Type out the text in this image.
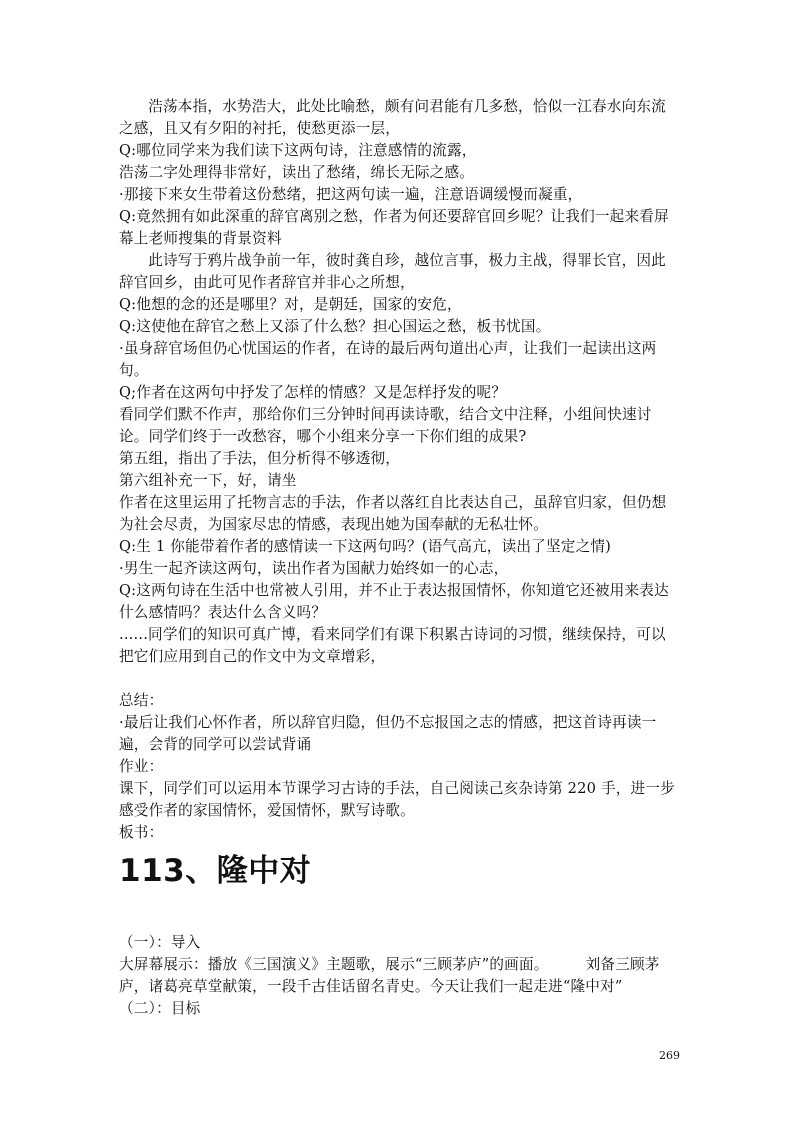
浩荡本指，水势浩大，此处比喻愁，颇有问君能有几多愁，恰似一江春水向东流之感，且又有夕阳的衬托，使愁更添一层，

Q:哪位同学来为我们读下这两句诗，注意感情的流露，

浩荡二字处理得非常好，读出了愁绪，绵长无际之感。

·那接下来女生带着这份愁绪，把这两句读一遍，注意语调缓慢而凝重，

Q:竟然拥有如此深重的辞官离别之愁，作者为何还要辞官回乡呢？让我们一起来看屏幕上老师搜集的背景资料

此诗写于鸦片战争前一年，彼时龚自珍，越位言事，极力主战，得罪长官，因此辞官回乡，由此可见作者辞官并非心之所想，

Q:他想的念的还是哪里？对，是朝廷，国家的安危，

Q:这使他在辞官之愁上又添了什么愁？担心国运之愁，板书忧国。

·虽身辞官场但仍心忧国运的作者，在诗的最后两句道出心声，让我们一起读出这两句。

Q;作者在这两句中抒发了怎样的情感？又是怎样抒发的呢？

看同学们默不作声，那给你们三分钟时间再读诗歌，结合文中注释，小组间快速讨论。同学们终于一改愁容，哪个小组来分享一下你们组的成果?

第五组，指出了手法，但分析得不够透彻，

第六组补充一下，好，请坐

作者在这里运用了托物言志的手法，作者以落红自比表达自己，虽辞官归家，但仍想为社会尽责，为国家尽忠的情感，表现出她为国奉献的无私壮怀。

Q:生 1 你能带着作者的感情读一下这两句吗？(语气高亢，读出了坚定之情)

·男生一起齐读这两句，读出作者为国献力始终如一的心志，

Q:这两句诗在生活中也常被人引用，并不止于表达报国情怀，你知道它还被用来表达什么感情吗？表达什么含义吗？

......同学们的知识可真广博，看来同学们有课下积累古诗词的习惯，继续保持，可以把它们应用到自己的作文中为文章增彩，

总结：

·最后让我们心怀作者，所以辞官归隐，但仍不忘报国之志的情感，把这首诗再读一遍，会背的同学可以尝试背诵

作业：

课下，同学们可以运用本节课学习古诗的手法，自己阅读己亥杂诗第 220 手，进一步感受作者的家国情怀，爱国情怀，默写诗歌。

板书：

113、隆中对

（一）：导入

大屏幕展示：播放《三国演义》主题歌，展示“三顾茅庐”的画面。　　　刘备三顾茅庐，诸葛亮草堂献策，一段千古佳话留名青史。今天让我们一起走进“隆中对”

（二）：目标

269
